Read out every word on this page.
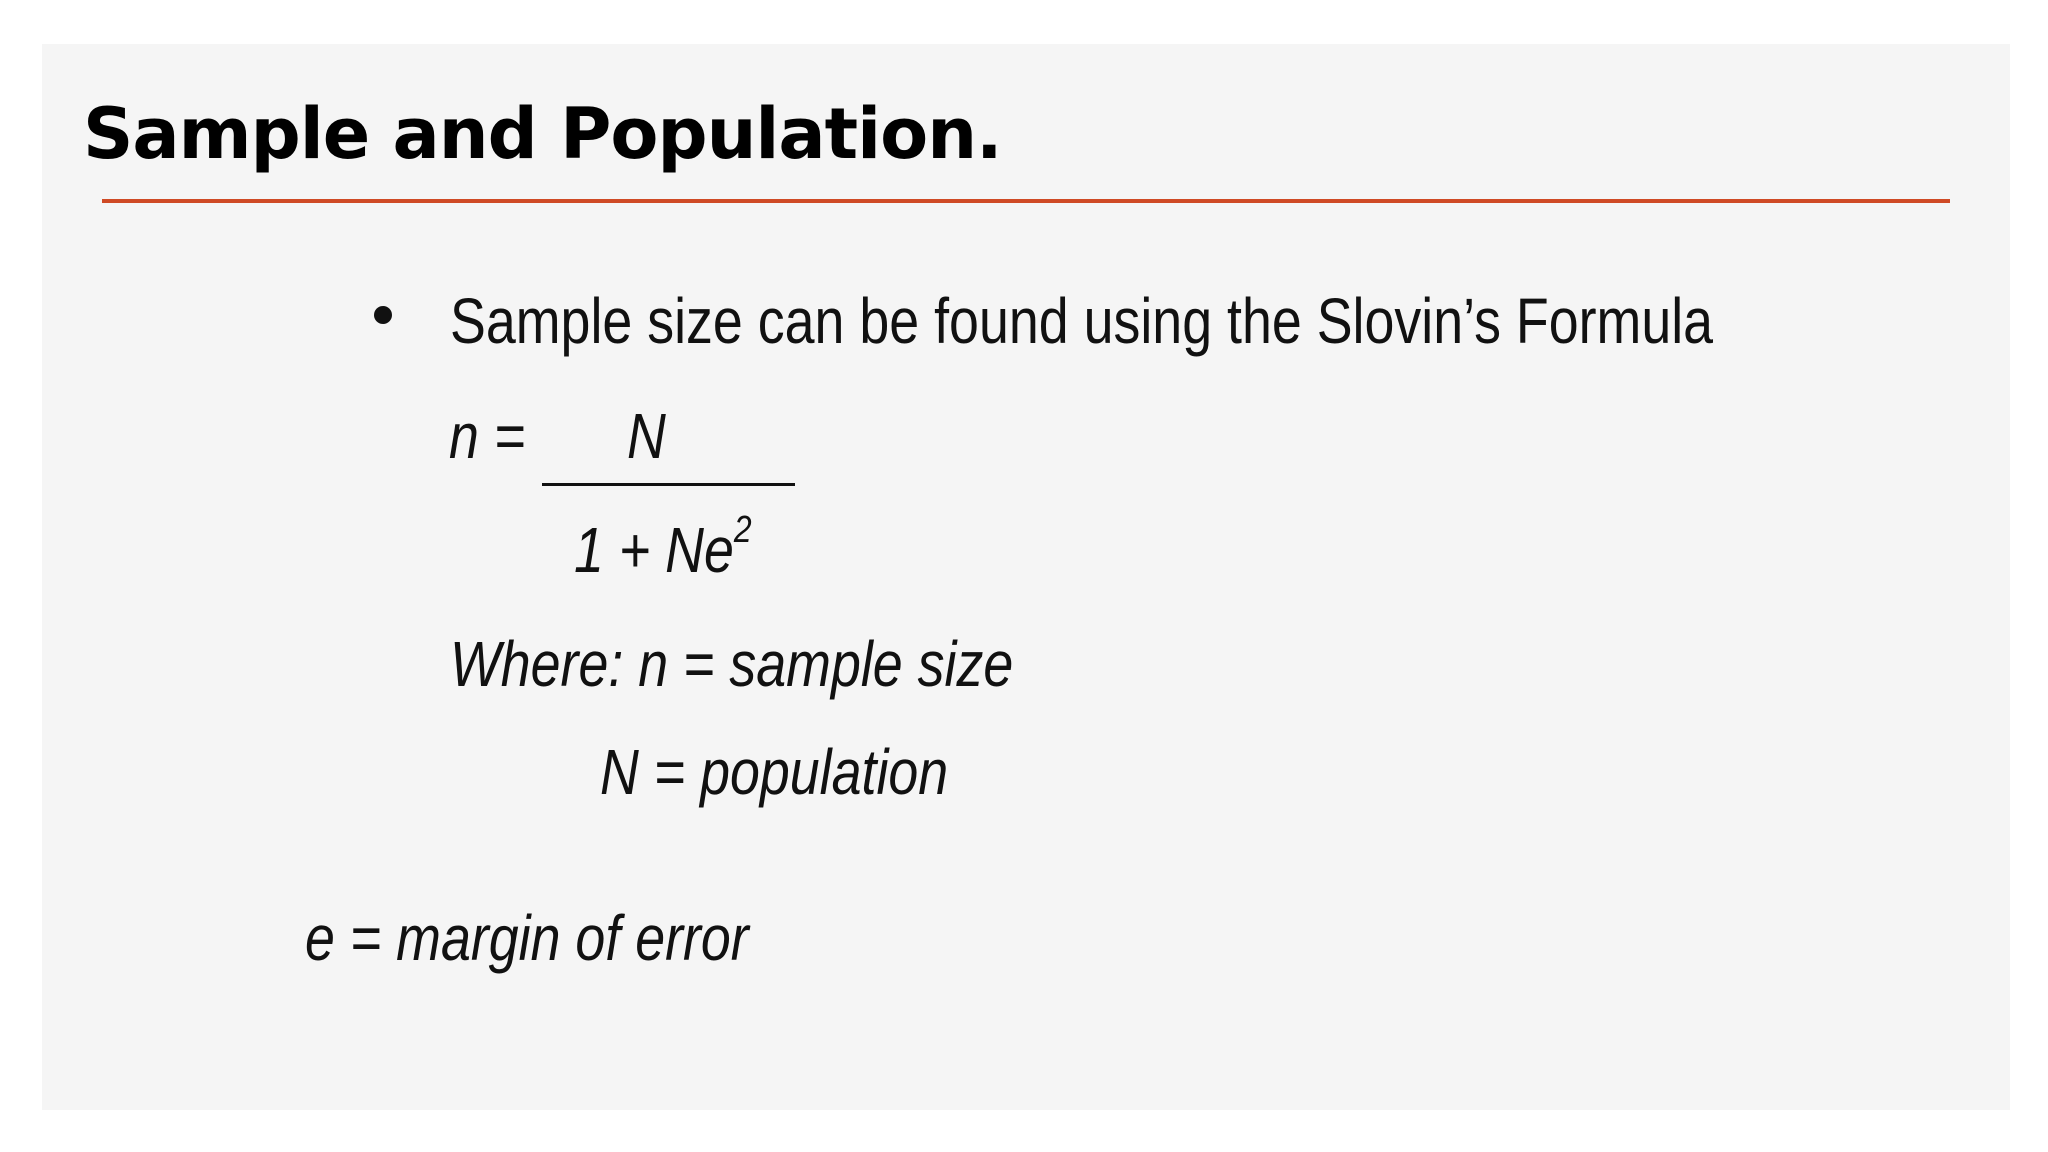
Sample and Population.
Sample size can be found using the Slovin’s Formula
n = N
$1 + Ne^2$
Where: n = sample size
N = population
e = margin of error
